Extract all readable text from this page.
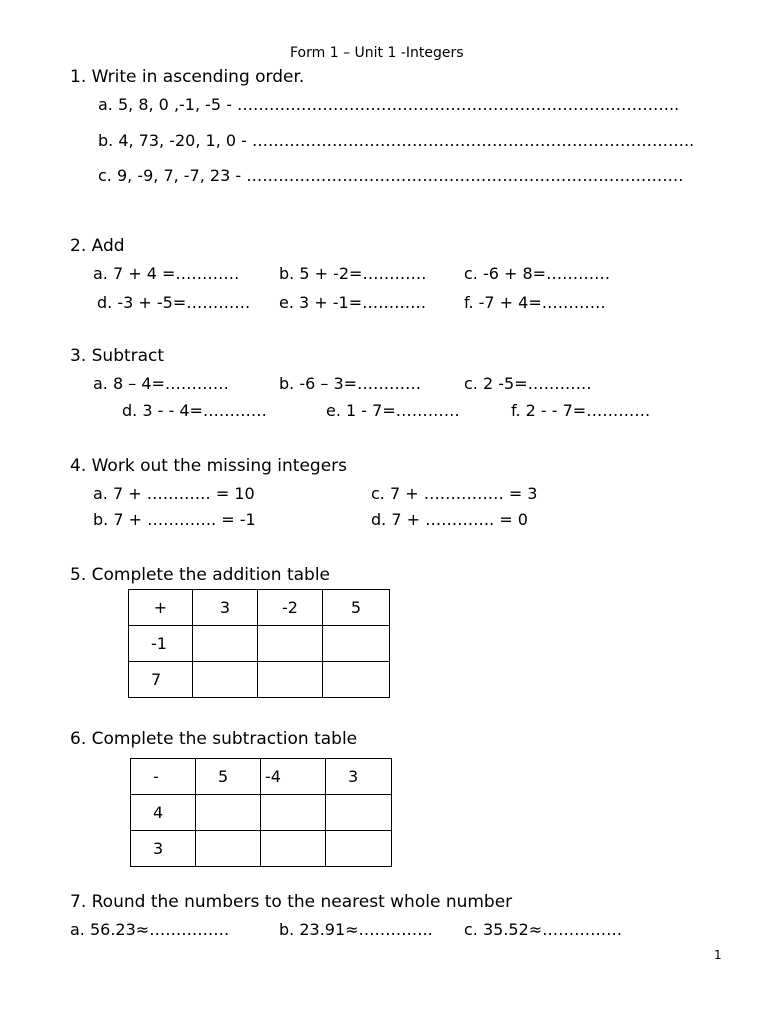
Form 1 – Unit 1 -Integers
1. Write in ascending order.
a. 5, 8, 0 ,-1, -5 - ………………………………………………………………………..
b. 4, 73, -20, 1, 0 - ………………………………………………………………………..
c. 9, -9, 7, -7, 23 - ……………………………………………………………………….
2. Add
a. 7 + 4 =………… b. 5 + -2=………… c. -6 + 8=…………
d. -3 + -5=………… e. 3 + -1=………… f. -7 + 4=…………
3. Subtract
a. 8 – 4=…………	b. -6 – 3=…………	c. 2 -5=…………
d. 3 - - 4=…………	e. 1 - 7=…………	f. 2 - - 7=…………
4. Work out the missing integers
a. 7 + ………… = 10	c. 7 + …………… = 3
b. 7 + …………. = -1	d. 7 + …………. = 0
5. Complete the addition table
+	3	-2	5
-1			
7			
6. Complete the subtraction table
-	5	-4	3
4			
3			
7. Round the numbers to the nearest whole number
a. 56.23≈……………	b. 23.91≈………….. c. 35.52≈……………
1
